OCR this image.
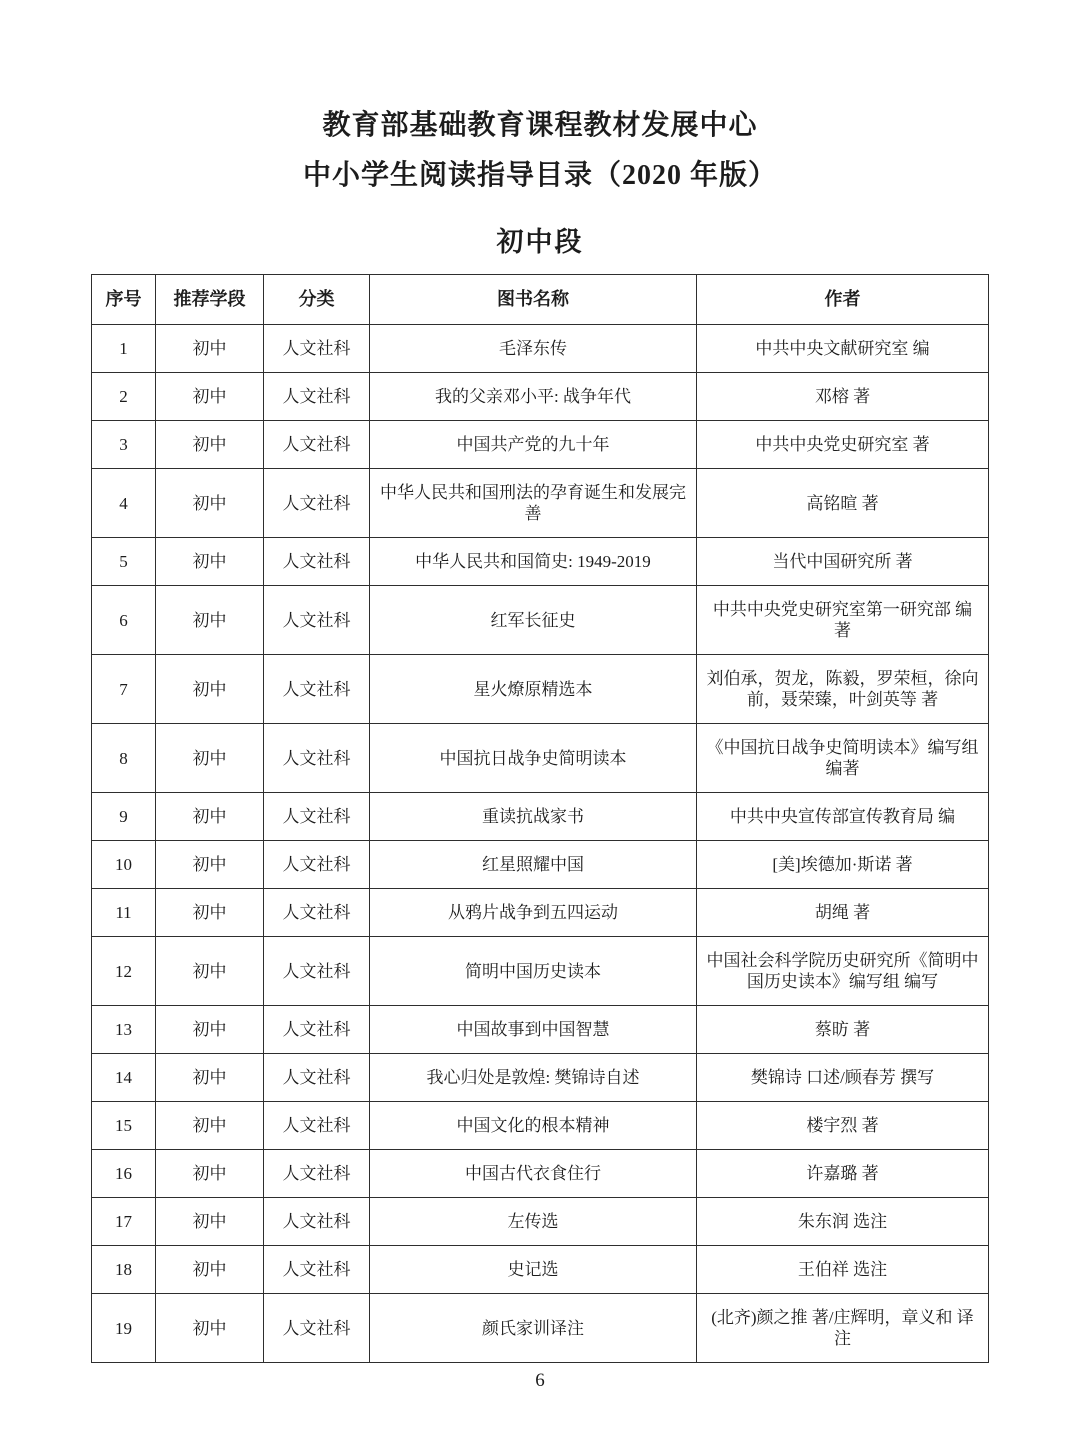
教育部基础教育课程教材发展中心
中小学生阅读指导目录（2020 年版）
初中段
序号	推荐学段	分类	图书名称	作者
1	初中	人文社科	毛泽东传	中共中央文献研究室 编
2	初中	人文社科	我的父亲邓小平: 战争年代	邓榕 著
3	初中	人文社科	中国共产党的九十年	中共中央党史研究室 著
4	初中	人文社科	中华人民共和国刑法的孕育诞生和发展完善	高铭暄 著
5	初中	人文社科	中华人民共和国简史: 1949-2019	当代中国研究所 著
6	初中	人文社科	红军长征史	中共中央党史研究室第一研究部 编著
7	初中	人文社科	星火燎原精选本	刘伯承，贺龙，陈毅，罗荣桓，徐向前，聂荣臻，叶剑英等 著
8	初中	人文社科	中国抗日战争史简明读本	《中国抗日战争史简明读本》编写组 编著
9	初中	人文社科	重读抗战家书	中共中央宣传部宣传教育局 编
10	初中	人文社科	红星照耀中国	[美]埃德加·斯诺 著
11	初中	人文社科	从鸦片战争到五四运动	胡绳 著
12	初中	人文社科	简明中国历史读本	中国社会科学院历史研究所《简明中国历史读本》编写组 编写
13	初中	人文社科	中国故事到中国智慧	蔡昉 著
14	初中	人文社科	我心归处是敦煌: 樊锦诗自述	樊锦诗 口述/顾春芳 撰写
15	初中	人文社科	中国文化的根本精神	楼宇烈 著
16	初中	人文社科	中国古代衣食住行	许嘉璐 著
17	初中	人文社科	左传选	朱东润 选注
18	初中	人文社科	史记选	王伯祥 选注
19	初中	人文社科	颜氏家训译注	(北齐)颜之推 著/庄辉明，章义和 译注
6
